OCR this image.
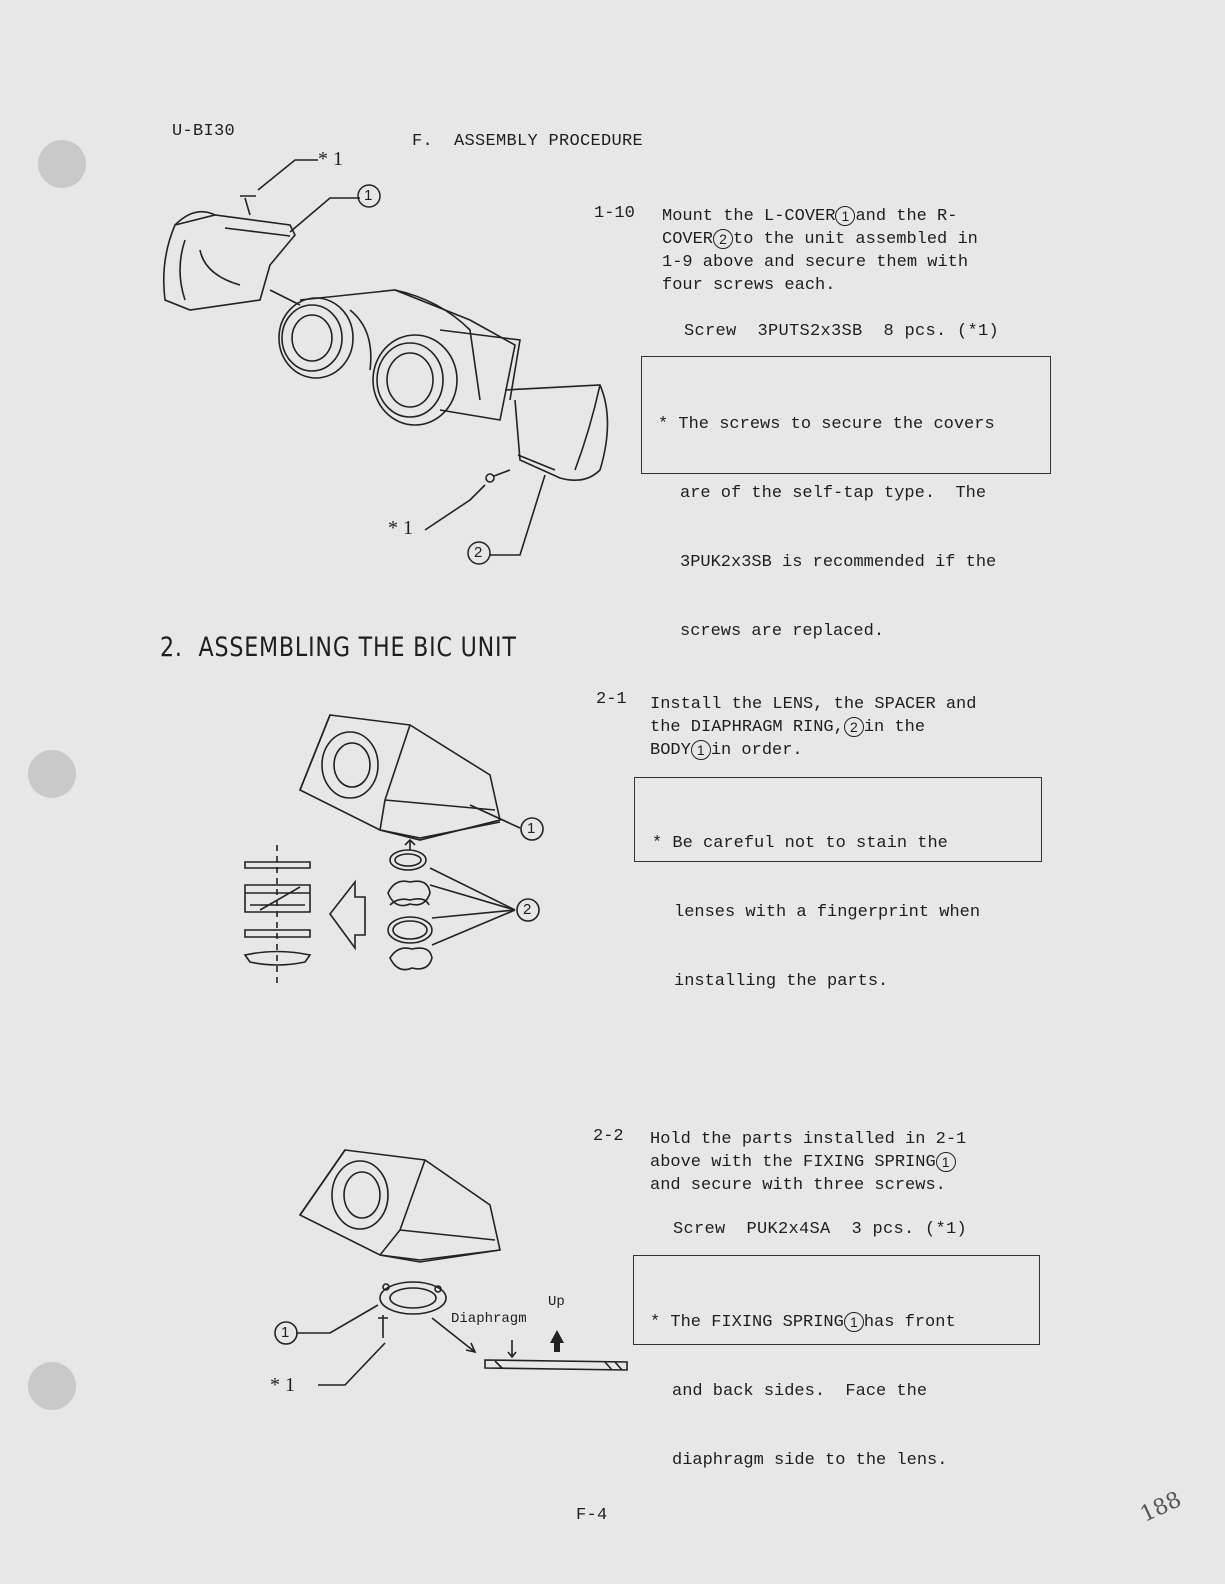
U-BI30
F.  ASSEMBLY PROCEDURE
* 1
1
* 1
2
1-10 Mount the L-COVER 1 and the R-
COVER 2 to the unit assembled in
1-9 above and secure them with
four screws each.
Screw  3PUTS2x3SB  8 pcs. (*1)

* The screws to secure the covers

are of the self-tap type.  The

3PUK2x3SB is recommended if the

screws are replaced.

2.  ASSEMBLING THE BIC UNIT
1
2
2-1 Install the LENS, the SPACER and
the DIAPHRAGM RING, 2 in the
BODY 1 in order.

* Be careful not to stain the

lenses with a fingerprint when

installing the parts.

1
* 1
Up
Diaphragm
2-2 Hold the parts installed in 2-1
above with the FIXING SPRING 1
and secure with three screws.
Screw  PUK2x4SA  3 pcs. (*1)

* The FIXING SPRING 1 has front

and back sides.  Face the

diaphragm side to the lens.

F-4	188
